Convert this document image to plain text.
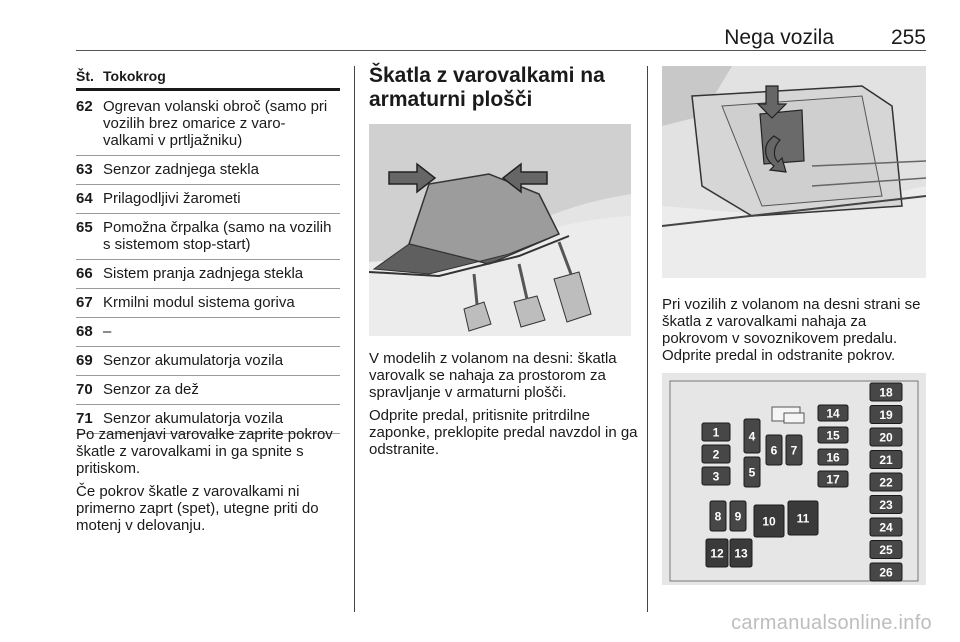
Nega vozila	255
Št. Tokokrog
62 Ogrevan volanski obroč (samo pri vozilih brez omarice z varo‐ valkami v prtljažniku)
63 Senzor zadnjega stekla
64 Prilagodljivi žarometi
65 Pomožna črpalka (samo na vozilih s sistemom stop-start)
66 Sistem pranja zadnjega stekla
67 Krmilni modul sistema goriva
68 –
69 Senzor akumulatorja vozila
70 Senzor za dež
71 Senzor akumulatorja vozila

Po zamenjavi varovalke zaprite pokrov škatle z varovalkami in ga spnite s pritiskom.

Če pokrov škatle z varovalkami ni primerno zaprt (spet), utegne priti do motenj v delovanju.

Škatla z varovalkami na armaturni plošči

V modelih z volanom na desni: škatla varovalk se nahaja za prostorom za spravljanje v armaturni plošči.

Odprite predal, pritisnite pritrdilne zaponke, preklopite predal navzdol in ga odstranite.

Pri vozilih z volanom na desni strani se škatla z varovalkami nahaja za pokrovom v sovoznikovem predalu. Odprite predal in odstranite pokrov.

1
2
3
4
5
6 7
8 9 10 11
12 13
14
15
16
17
18
19
20
21
22
23
24
25
26
carmanualsonline.info
